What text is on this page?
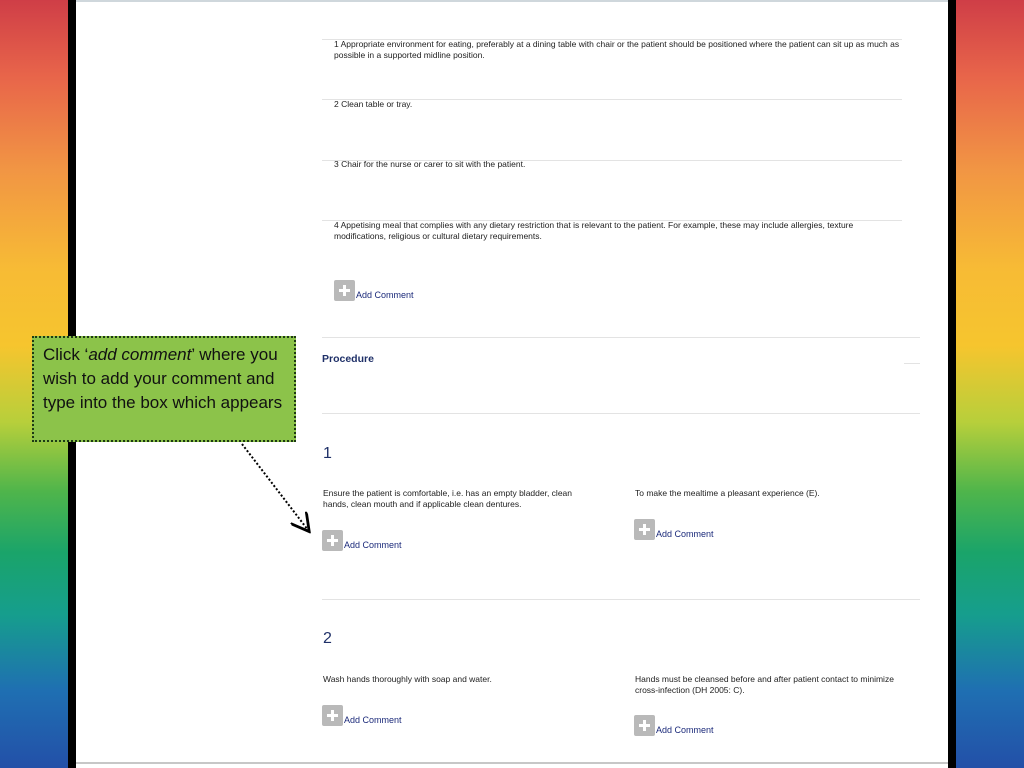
1 Appropriate environment for eating, preferably at a dining table with chair or the patient should be positioned where the patient can sit up as much as possible in a supported midline position.
2 Clean table or tray.
3 Chair for the nurse or carer to sit with the patient.
4 Appetising meal that complies with any dietary restriction that is relevant to the patient. For example, these may include allergies, texture modifications, religious or cultural dietary requirements.
Add Comment
Procedure
1
Ensure the patient is comfortable, i.e. has an empty bladder, clean hands, clean mouth and if applicable clean dentures.
To make the mealtime a pleasant experience (E).
Add Comment
Add Comment
2
Wash hands thoroughly with soap and water.	Hands must be cleansed before and after patient contact to minimize cross-infection (DH 2005: C).
Add Comment
Add Comment
Click ‘add comment’ where you wish to add your comment and type into the box which appears
